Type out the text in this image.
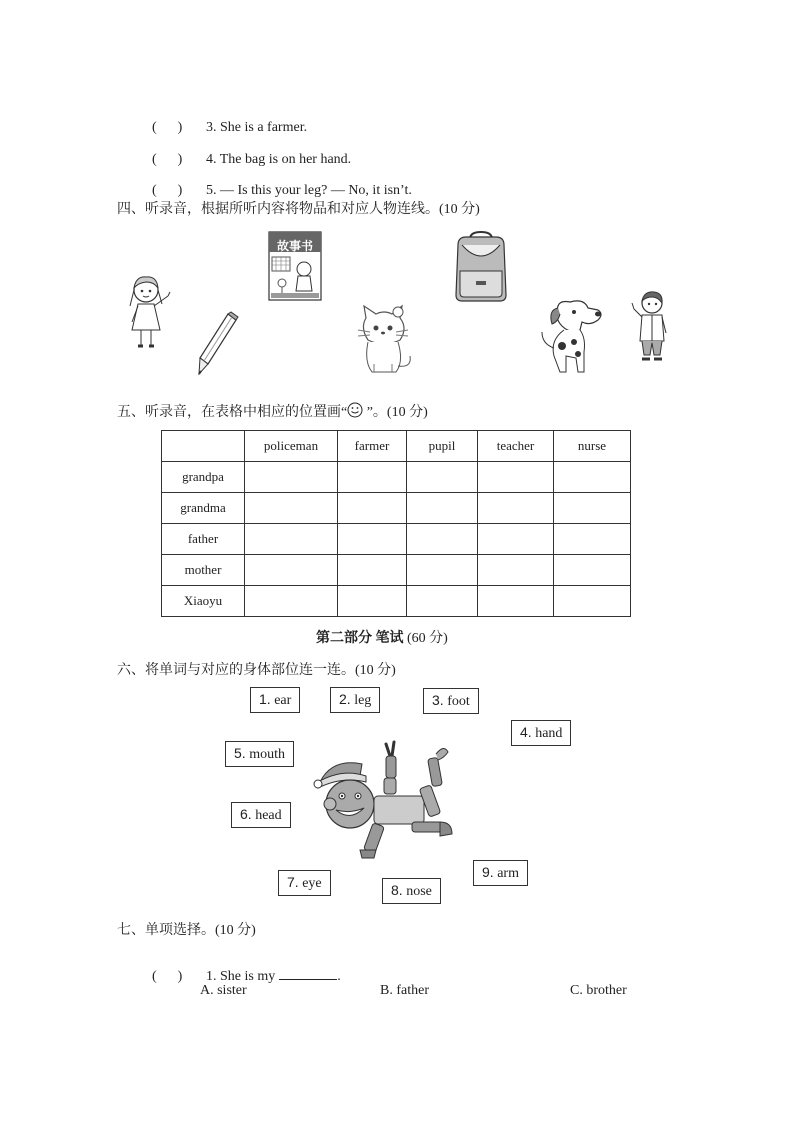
( ) 3. She is a farmer.

( ) 4. The bag is on her hand.

( ) 5. — Is this your leg? — No, it isn’t.

四、听录音，根据所听内容将物品和对应人物连线。(10 分)
故事书
五、听录音，在表格中相应的位置画“ ”。(10 分)
	policeman	farmer	pupil	teacher	nurse
grandpa					
grandma					
father					
mother					
Xiaoyu					
第二部分 笔试 (60 分)
六、将单词与对应的身体部位连一连。(10 分)
1. ear	2. leg	3. foot
4. hand
5. mouth
6. head
9. arm
7. eye	8. nose
七、单项选择。(10 分)

( ) 1. She is my	.

A. sister	B. father	C. brother
